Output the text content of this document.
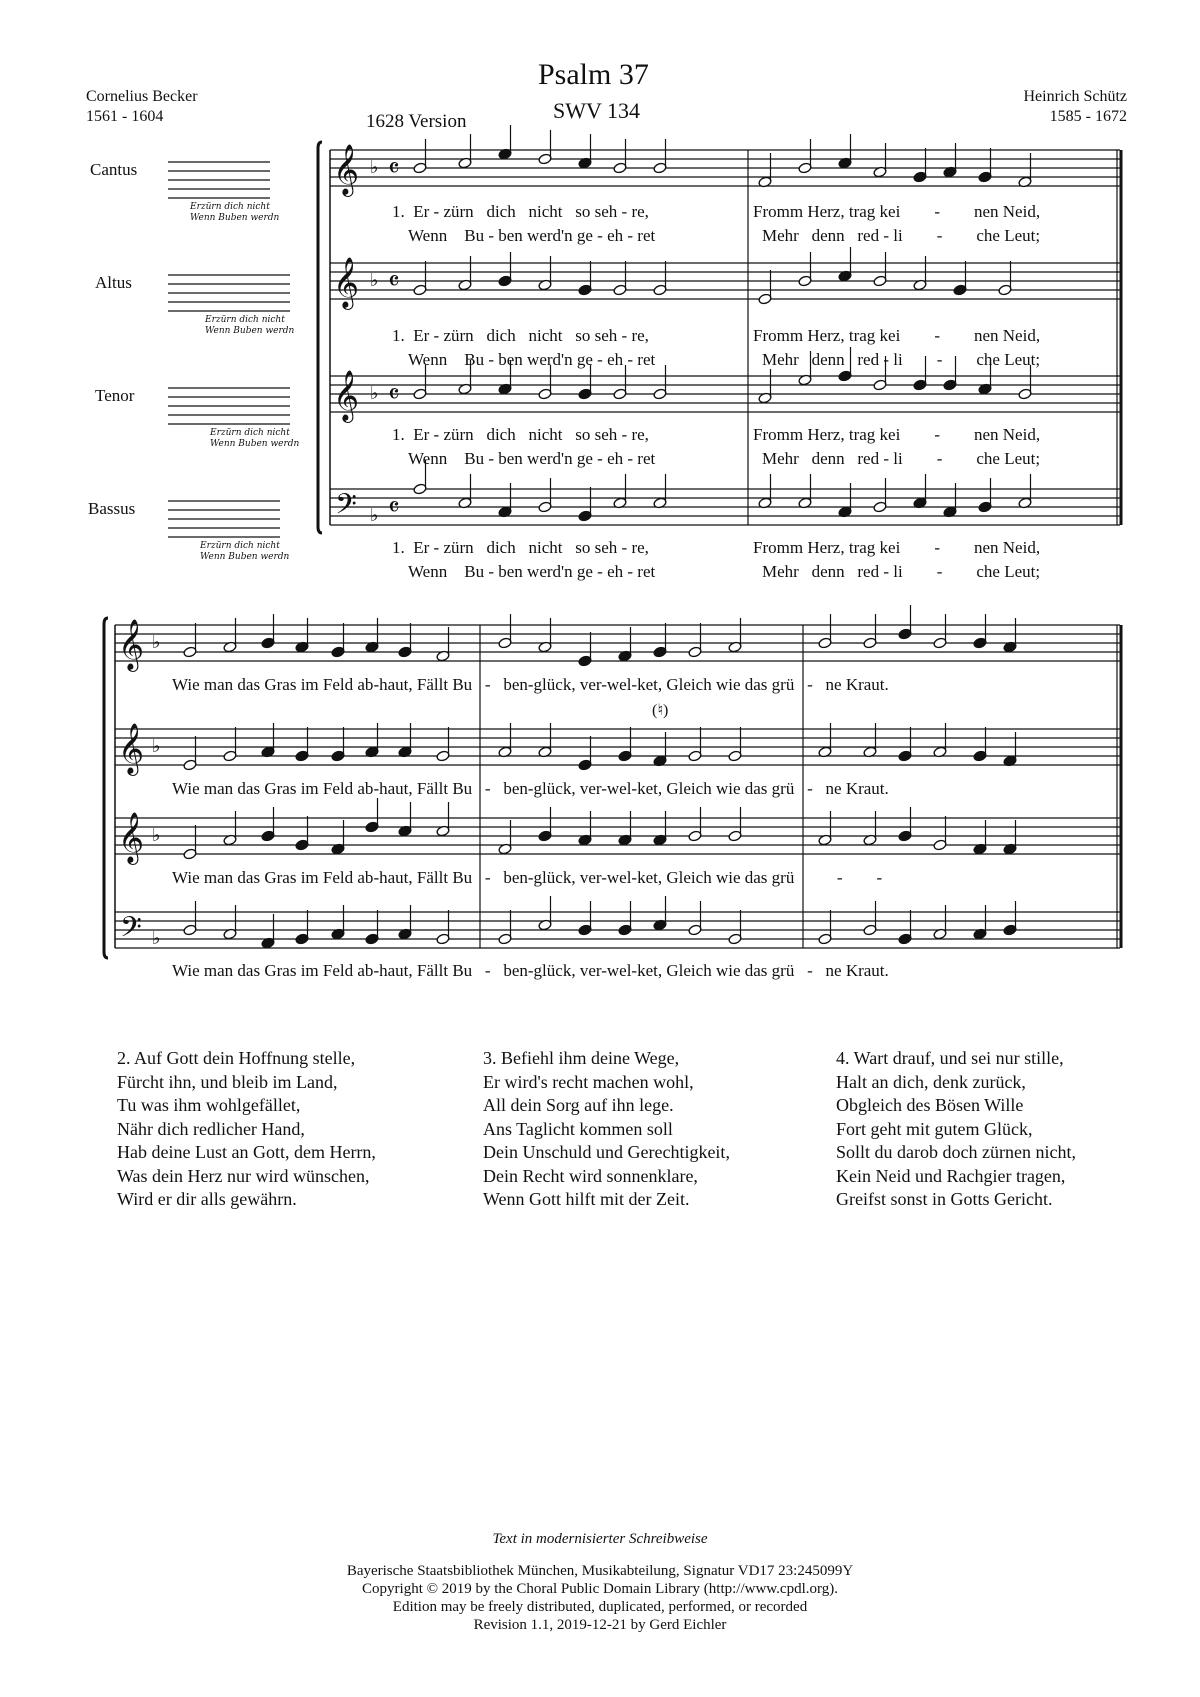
Psalm 37
SWV 134
1628 Version
Cornelius Becker
1561 - 1604
Heinrich Schütz
1585 - 1672
Cantus
Altus
Tenor
Bassus
Erzürn dich nicht
Wenn Buben werdn
Erzürn dich nicht
Wenn Buben werdn
Erzürn dich nicht
Wenn Buben werdn
Erzürn dich nicht
Wenn Buben werdn
𝄞
𝄞
𝄞
𝄢
𝄞
𝄞
𝄞
𝄢
♭ 𝄴
♭ 𝄴
♭ 𝄴
♭ 𝄴
♭
♭
♭
♭
1. Er - zürn dich nicht so seh - re,	Fromm Herz, trag kei - nen Neid,
Wenn Bu - ben werd'n ge - eh - ret	Mehr denn red - li - che Leut;
1. Er - zürn dich nicht so seh - re,	Fromm Herz, trag kei - nen Neid,
Wenn Bu - ben werd'n ge - eh - ret	Mehr denn red - li - che Leut;
1. Er - zürn dich nicht so seh - re,	Fromm Herz, trag kei - nen Neid,
Wenn Bu - ben werd'n ge - eh - ret	Mehr denn red - li - che Leut;
1. Er - zürn dich nicht so seh - re,	Fromm Herz, trag kei - nen Neid,
Wenn Bu - ben werd'n ge - eh - ret	Mehr denn red - li - che Leut;
Wie man das Gras im Feld ab-haut, Fällt Bu - ben-glück, ver-wel-ket, Gleich wie das grü - ne Kraut.
(♮)
Wie man das Gras im Feld ab-haut, Fällt Bu - ben-glück, ver-wel-ket, Gleich wie das grü - ne Kraut.
Wie man das Gras im Feld ab-haut, Fällt Bu - ben-glück, ver-wel-ket, Gleich wie das grü	- -
Wie man das Gras im Feld ab-haut, Fällt Bu - ben-glück, ver-wel-ket, Gleich wie das grü - ne Kraut.
2. Auf Gott dein Hoffnung stelle,
Fürcht ihn, und bleib im Land,
Tu was ihm wohlgefället,
Nähr dich redlicher Hand,
Hab deine Lust an Gott, dem Herrn,
Was dein Herz nur wird wünschen,
Wird er dir alls gewährn.
3. Befiehl ihm deine Wege,
Er wird's recht machen wohl,
All dein Sorg auf ihn lege.
Ans Taglicht kommen soll
Dein Unschuld und Gerechtigkeit,
Dein Recht wird sonnenklare,
Wenn Gott hilft mit der Zeit.
4. Wart drauf, und sei nur stille,
Halt an dich, denk zurück,
Obgleich des Bösen Wille
Fort geht mit gutem Glück,
Sollt du darob doch zürnen nicht,
Kein Neid und Rachgier tragen,
Greifst sonst in Gotts Gericht.
Text in modernisierter Schreibweise
Bayerische Staatsbibliothek München, Musikabteilung, Signatur VD17 23:245099Y
Copyright © 2019 by the Choral Public Domain Library (http://www.cpdl.org).
Edition may be freely distributed, duplicated, performed, or recorded
Revision 1.1, 2019-12-21 by Gerd Eichler
